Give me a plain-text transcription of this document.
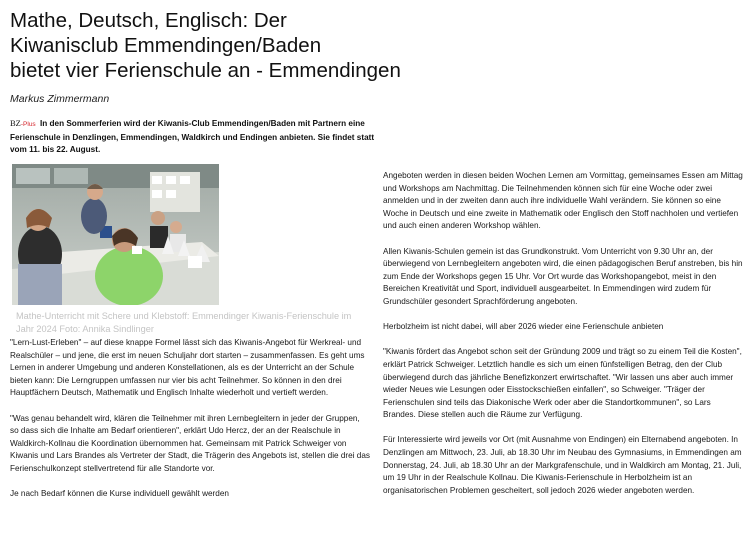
Mathe, Deutsch, Englisch: Der
Kiwanisclub Emmendingen/Baden
bietet vier Ferienschule an - Emmendingen
Markus Zimmermann
BZ-Plus In den Sommerferien wird der Kiwanis-Club Emmendingen/Baden mit Partnern eine Ferienschule in Denzlingen, Emmendingen, Waldkirch und Endingen anbieten. Sie findet statt vom 11. bis 22. August.
Mathe-Unterricht mit Schere und Klebstoff: Emmendinger Kiwanis-Ferienschule im Jahr 2024 Foto: Annika Sindlinger

"Lern-Lust-Erleben" – auf diese knappe Formel lässt sich das Kiwanis-Angebot für Werkreal- und Realschüler – und jene, die erst im neuen Schuljahr dort starten – zusammenfassen. Es geht ums Lernen in anderer Umgebung und anderen Konstellationen, als es der Unterricht an der Schule bieten kann: Die Lerngruppen umfassen nur vier bis acht Teilnehmer. So können in den drei Hauptfächern Deutsch, Mathematik und Englisch Inhalte wiederholt und vertieft werden.

"Was genau behandelt wird, klären die Teilnehmer mit ihren Lernbegleitern in jeder der Gruppen, so dass sich die Inhalte am Bedarf orientieren", erklärt Udo Hercz, der an der Realschule in Waldkirch-Kollnau die Koordination übernommen hat. Gemeinsam mit Patrick Schweiger von Kiwanis und Lars Brandes als Vertreter der Stadt, die Trägerin des Angebots ist, stellen die drei das Ferienschulkonzept stellvertretend für alle Standorte vor.

Je nach Bedarf können die Kurse individuell gewählt werden

Angeboten werden in diesen beiden Wochen Lernen am Vormittag, gemeinsames Essen am Mittag und Workshops am Nachmittag. Die Teilnehmenden können sich für eine Woche oder zwei anmelden und in der zweiten dann auch ihre individuelle Wahl verändern. Sie können so eine Woche in Deutsch und eine zweite in Mathematik oder Englisch den Stoff nachholen und vertiefen und auch einen anderen Workshop wählen.

Allen Kiwanis-Schulen gemein ist das Grundkonstrukt. Vom Unterricht von 9.30 Uhr an, der überwiegend von Lernbegleitern angeboten wird, die einen pädagogischen Beruf anstreben, bis hin zum Ende der Workshops gegen 15 Uhr. Vor Ort wurde das Workshopangebot, meist in den Bereichen Kreativität und Sport, individuell ausgearbeitet. In Emmendingen wird zudem für Grundschüler gesondert Sprachförderung angeboten.

Herbolzheim ist nicht dabei, will aber 2026 wieder eine Ferienschule anbieten

"Kiwanis fördert das Angebot schon seit der Gründung 2009 und trägt so zu einem Teil die Kosten", erklärt Patrick Schweiger. Letztlich handle es sich um einen fünfstelligen Betrag, den der Club überwiegend durch das jährliche Benefizkonzert erwirtschaftet. "Wir lassen uns aber auch immer wieder Neues wie Lesungen oder Eisstockschießen einfallen", so Schweiger. "Träger der Ferienschulen sind teils das Diakonische Werk oder aber die Standortkommunen", so Lars Brandes. Diese stellen auch die Räume zur Verfügung.

Für Interessierte wird jeweils vor Ort (mit Ausnahme von Endingen) ein Elternabend angeboten. In Denzlingen am Mittwoch, 23. Juli, ab 18.30 Uhr im Neubau des Gymnasiums, in Emmendingen am Donnerstag, 24. Juli, ab 18.30 Uhr an der Markgrafenschule, und in Waldkirch am Montag, 21. Juli, um 19 Uhr in der Realschule Kollnau. Die Kiwanis-Ferienschule in Herbolzheim ist an organisatorischen Problemen gescheitert, soll jedoch 2026 wieder angeboten werden.
